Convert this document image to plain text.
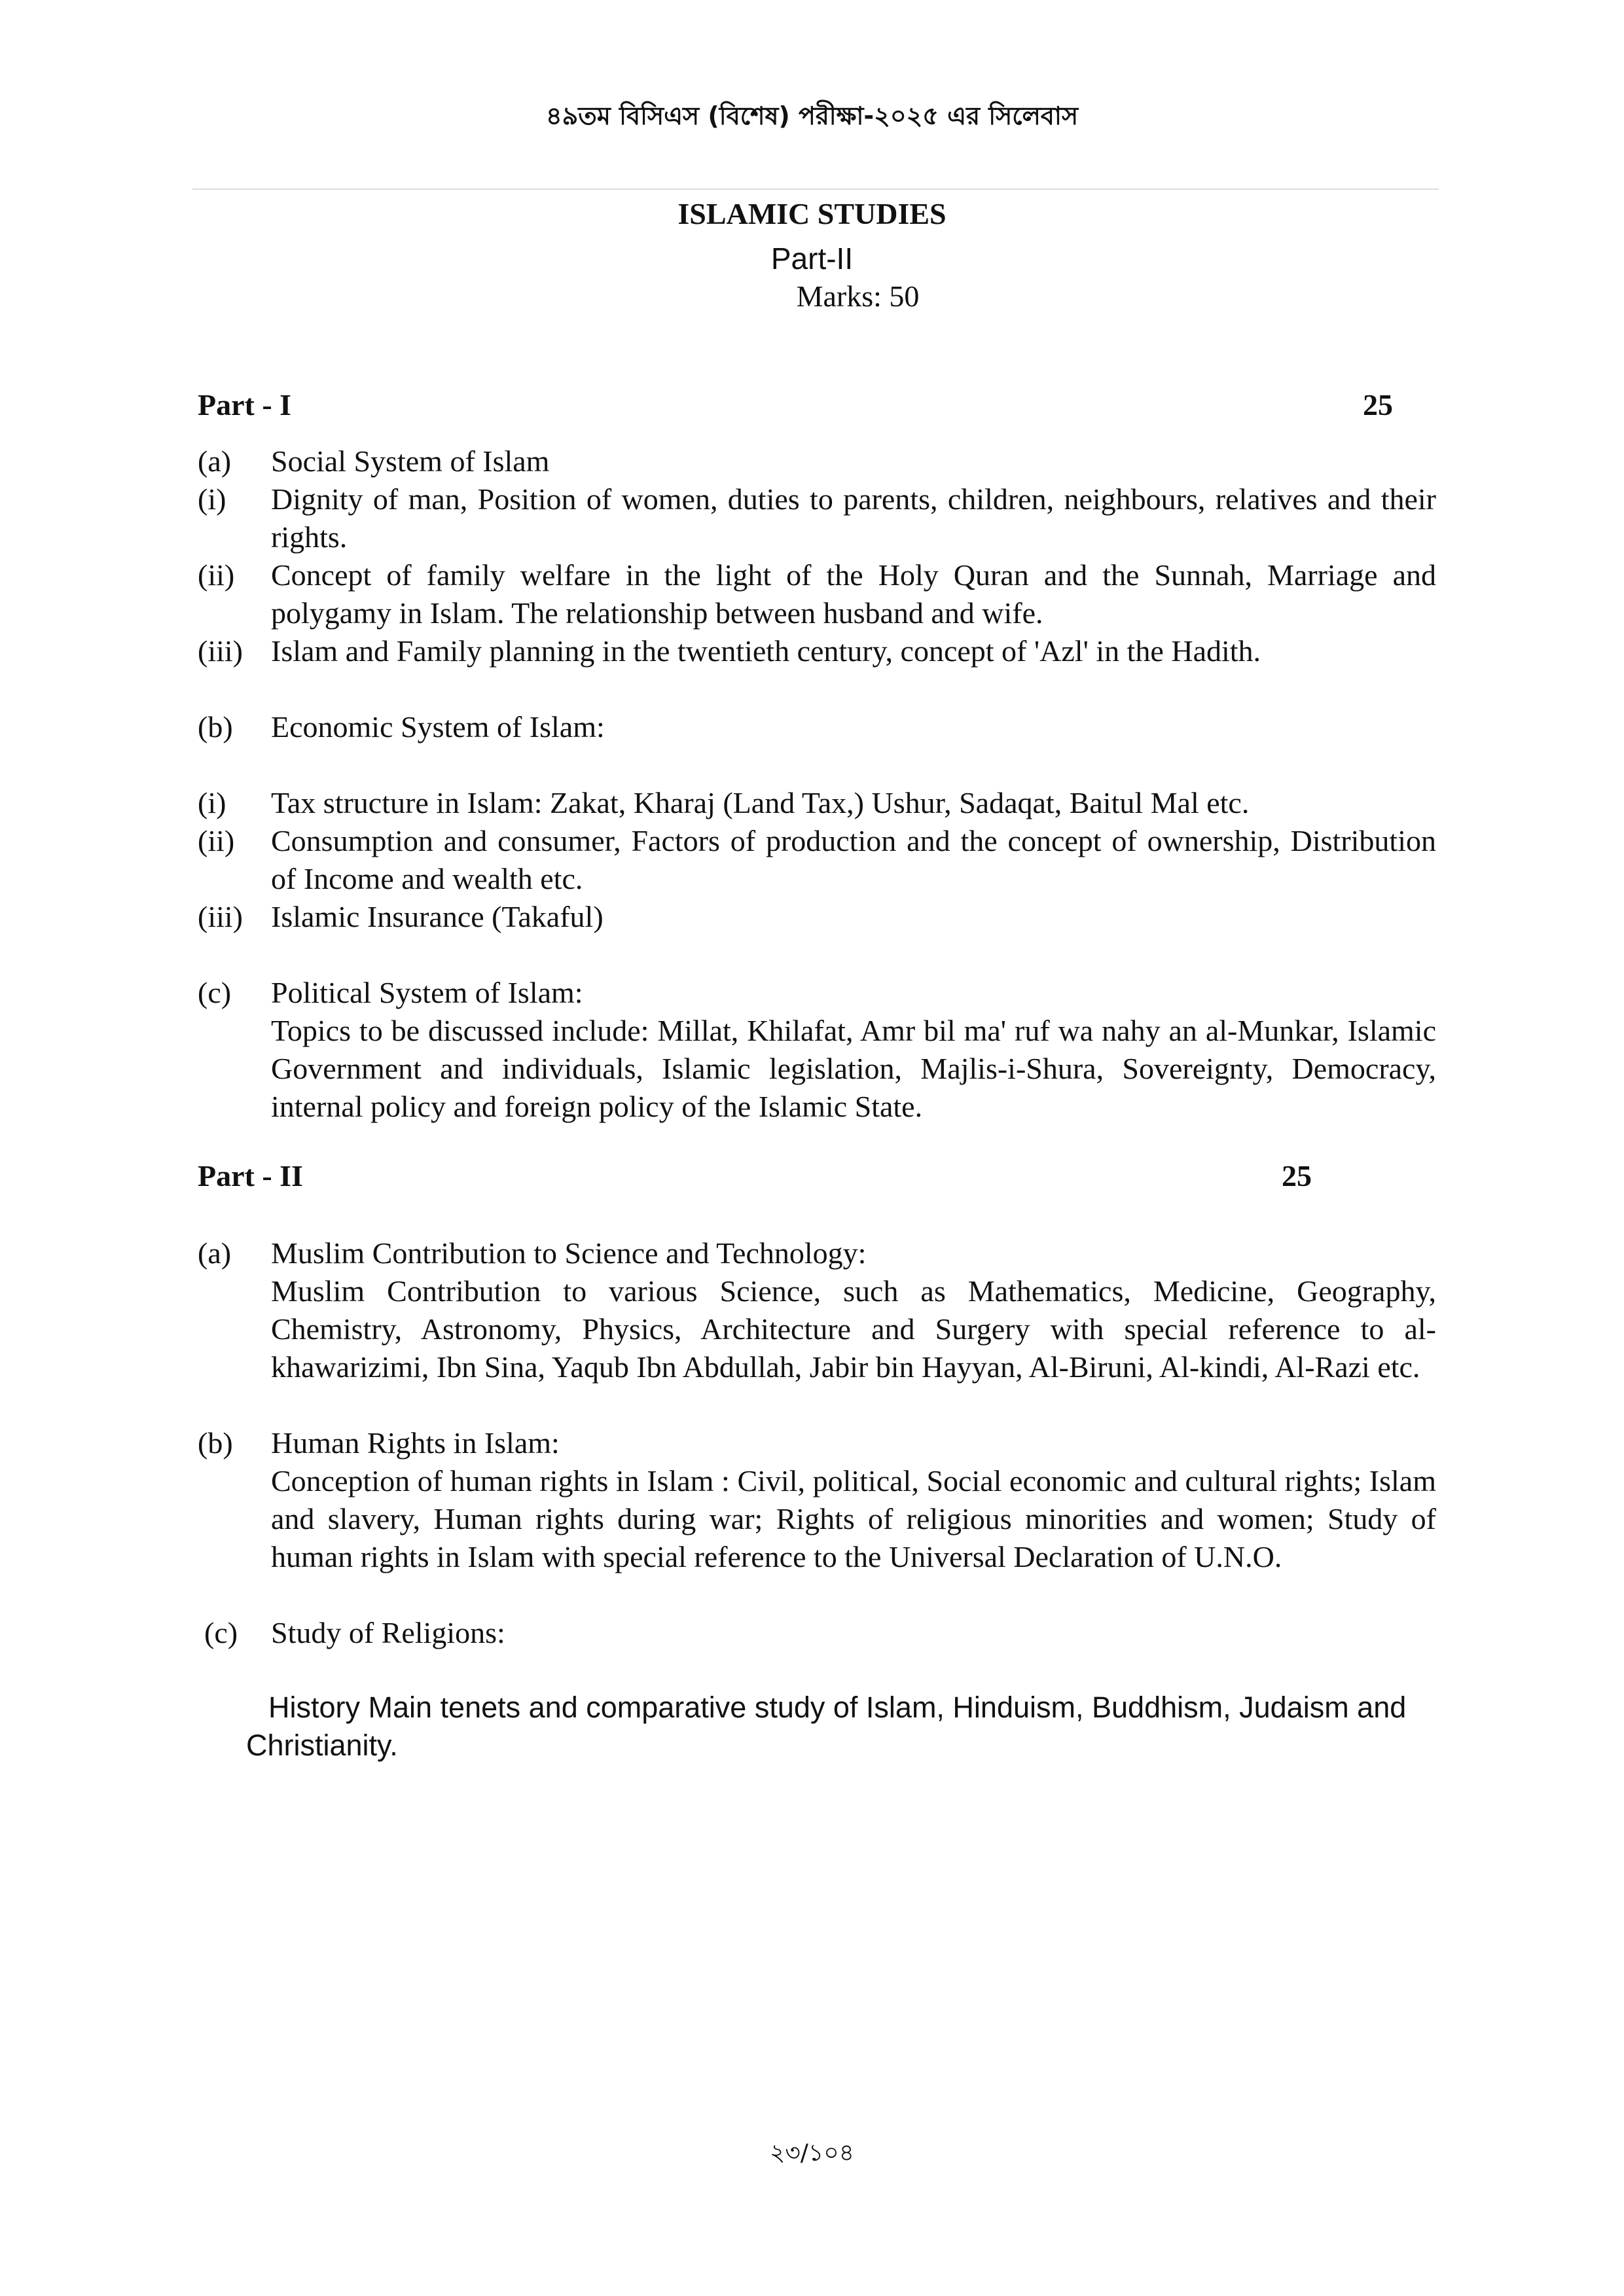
৪৯তম বিসিএস (বিশেষ) পরীক্ষা-২০২৫ এর সিলেবাস
ISLAMIC STUDIES
Part-II
Marks: 50
Part - I	25
(a) Social System of Islam
(i) Dignity of man, Position of women, duties to parents, children, neighbours, relatives and their rights.
(ii) Concept of family welfare in the light of the Holy Quran and the Sunnah, Marriage and polygamy in Islam. The relationship between husband and wife.
(iii) Islam and Family planning in the twentieth century, concept of 'Azl' in the Hadith.
(b) Economic System of Islam:
(i) Tax structure in Islam: Zakat, Kharaj (Land Tax,) Ushur, Sadaqat, Baitul Mal etc.
(ii) Consumption and consumer, Factors of production and the concept of ownership, Distribution of Income and wealth etc.
(iii) Islamic Insurance (Takaful)
(c) Political System of Islam:

Topics to be discussed include: Millat, Khilafat, Amr bil ma' ruf wa nahy an al-Munkar, Islamic Government and individuals, Islamic legislation, Majlis-i-Shura, Sovereignty, Democracy, internal policy and foreign policy of the Islamic State.

Part - II	25
(a) Muslim Contribution to Science and Technology:

Muslim Contribution to various Science, such as Mathematics, Medicine, Geography, Chemistry, Astronomy, Physics, Architecture and Surgery with special reference to al-khawarizimi, Ibn Sina, Yaqub Ibn Abdullah, Jabir bin Hayyan, Al-Biruni, Al-kindi, Al-Razi etc.

(b) Human Rights in Islam:

Conception of human rights in Islam : Civil, political, Social economic and cultural rights; Islam and slavery, Human rights during war; Rights of religious minorities and women; Study of human rights in Islam with special reference to the Universal Declaration of U.N.O.

(c) Study of Religions:
History Main tenets and comparative study of Islam, Hinduism, Buddhism, Judaism and Christianity.
২৩/১০৪
